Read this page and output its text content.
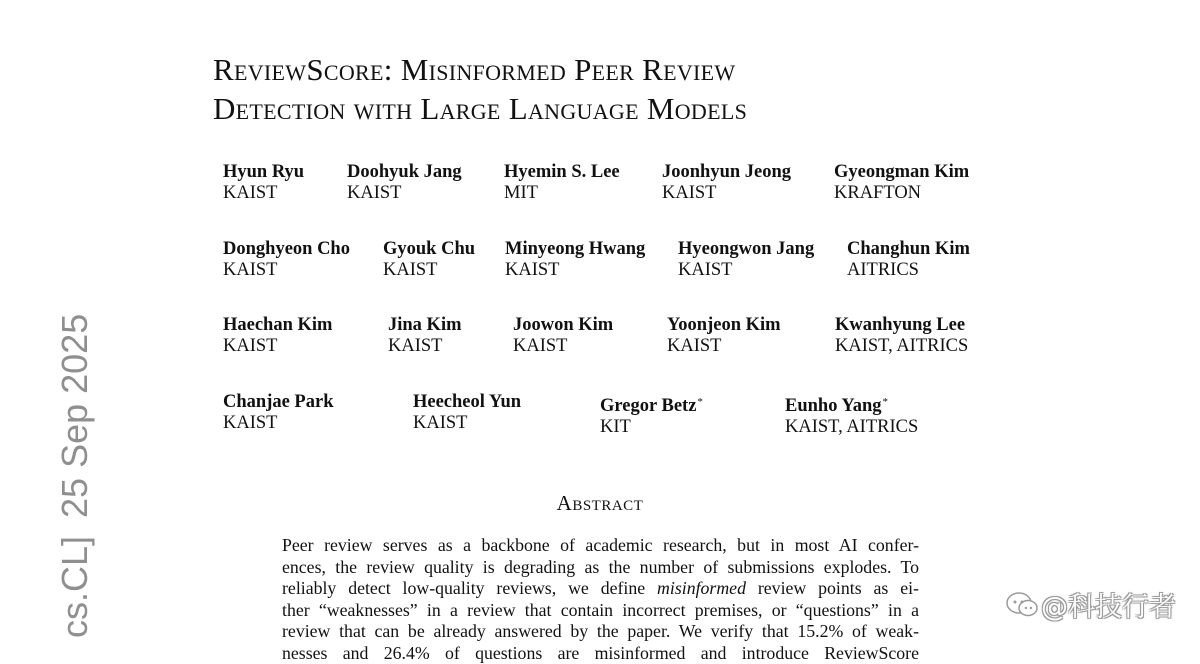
ReviewScore: Misinformed Peer Review
Detection with Large Language Models
Hyun Ryu
KAIST
Doohyuk Jang
KAIST
Hyemin S. Lee
MIT
Joonhyun Jeong
KAIST
Gyeongman Kim
KRAFTON
Donghyeon Cho
KAIST
Gyouk Chu
KAIST
Minyeong Hwang
KAIST
Hyeongwon Jang
KAIST
Changhun Kim
AITRICS
Haechan Kim
KAIST
Jina Kim
KAIST
Joowon Kim
KAIST
Yoonjeon Kim
KAIST
Kwanhyung Lee
KAIST, AITRICS
Chanjae Park
KAIST
Heecheol Yun
KAIST
Gregor Betz*
KIT
Eunho Yang*
KAIST, AITRICS
Abstract
Peer review serves as a backbone of academic research, but in most AI confer-
ences, the review quality is degrading as the number of submissions explodes. To
reliably detect low-quality reviews, we define misinformed review points as ei-
ther “weaknesses” in a review that contain incorrect premises, or “questions” in a
review that can be already answered by the paper. We verify that 15.2% of weak-
nesses and 26.4% of questions are misinformed and introduce ReviewScore
cs.CL]25 Sep 2025
@科技行者
